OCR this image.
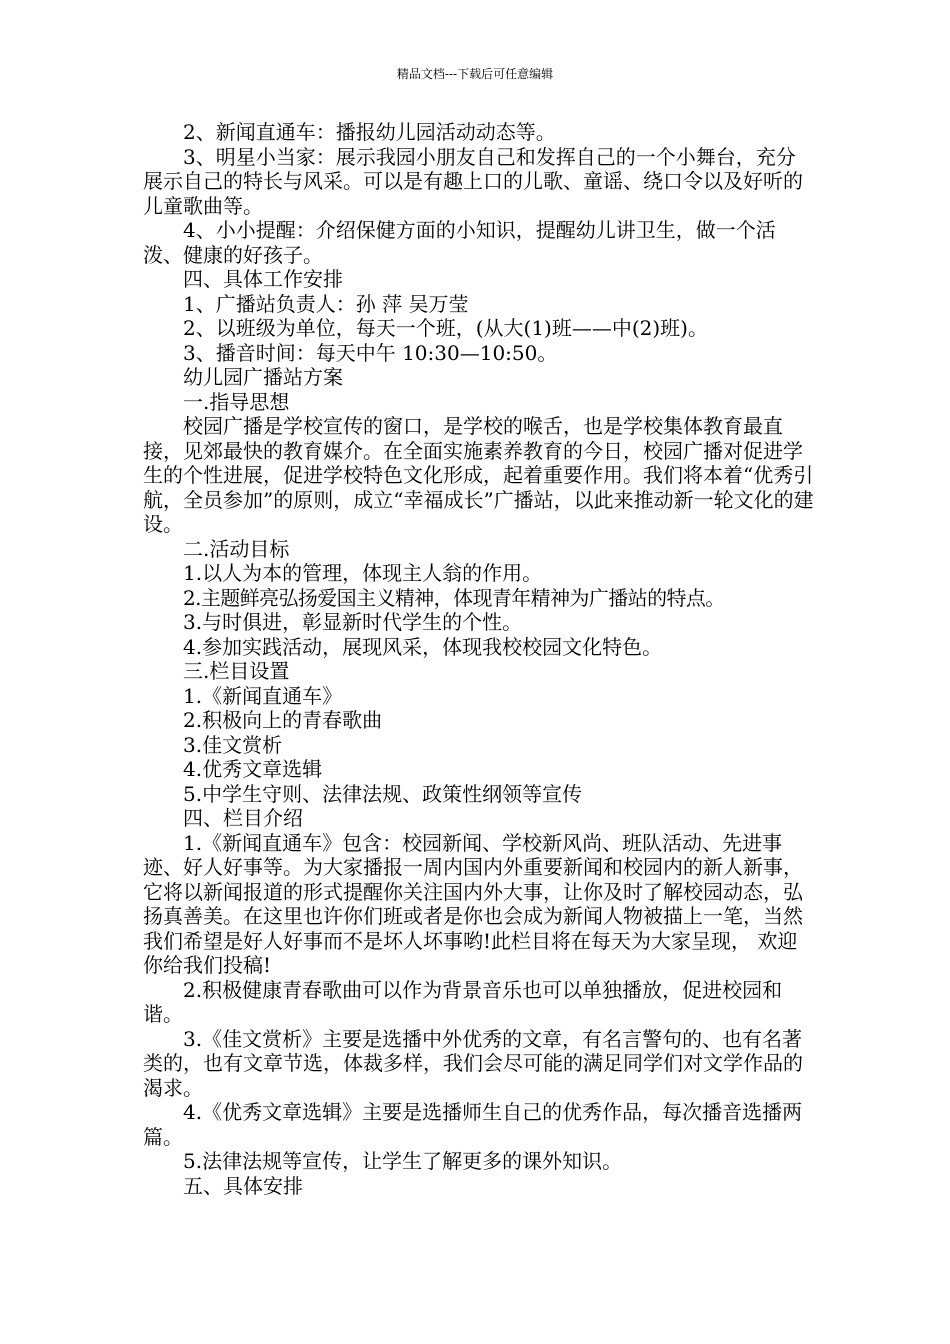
精品文档---下载后可任意编辑

2、新闻直通车：播报幼儿园活动动态等。

3、明星小当家：展示我园小朋友自己和发挥自己的一个小舞台，充分展示自己的特长与风采。可以是有趣上口的儿歌、童谣、绕口令以及好听的儿童歌曲等。

4、小小提醒：介绍保健方面的小知识，提醒幼儿讲卫生，做一个活泼、健康的好孩子。

四、具体工作安排

1、广播站负责人：孙 萍 吴万莹

2、以班级为单位，每天一个班，(从大(1)班——中(2)班)。

3、播音时间：每天中午 10:30—10:50。

幼儿园广播站方案

一.指导思想

校园广播是学校宣传的窗口，是学校的喉舌，也是学校集体教育最直接，见郊最快的教育媒介。在全面实施素养教育的今日，校园广播对促进学生的个性进展，促进学校特色文化形成，起着重要作用。我们将本着“优秀引航，全员参加”的原则，成立“幸福成长”广播站，以此来推动新一轮文化的建设。

二.活动目标

1.以人为本的管理，体现主人翁的作用。

2.主题鲜亮弘扬爱国主义精神，体现青年精神为广播站的特点。

3.与时俱进，彰显新时代学生的个性。

4.参加实践活动，展现风采，体现我校校园文化特色。

三.栏目设置

1.《新闻直通车》

2.积极向上的青春歌曲

3.佳文赏析

4.优秀文章选辑

5.中学生守则、法律法规、政策性纲领等宣传

四、栏目介绍

1.《新闻直通车》包含：校园新闻、学校新风尚、班队活动、先进事迹、好人好事等。为大家播报一周内国内外重要新闻和校园内的新人新事，它将以新闻报道的形式提醒你关注国内外大事，让你及时了解校园动态，弘扬真善美。在这里也许你们班或者是你也会成为新闻人物被描上一笔，当然我们希望是好人好事而不是坏人坏事哟!此栏目将在每天为大家呈现， 欢迎你给我们投稿!

2.积极健康青春歌曲可以作为背景音乐也可以单独播放，促进校园和谐。

3.《佳文赏析》主要是选播中外优秀的文章，有名言警句的、也有名著类的，也有文章节选，体裁多样，我们会尽可能的满足同学们对文学作品的渴求。

4.《优秀文章选辑》主要是选播师生自己的优秀作品，每次播音选播两篇。

5.法律法规等宣传，让学生了解更多的课外知识。

五、具体安排
